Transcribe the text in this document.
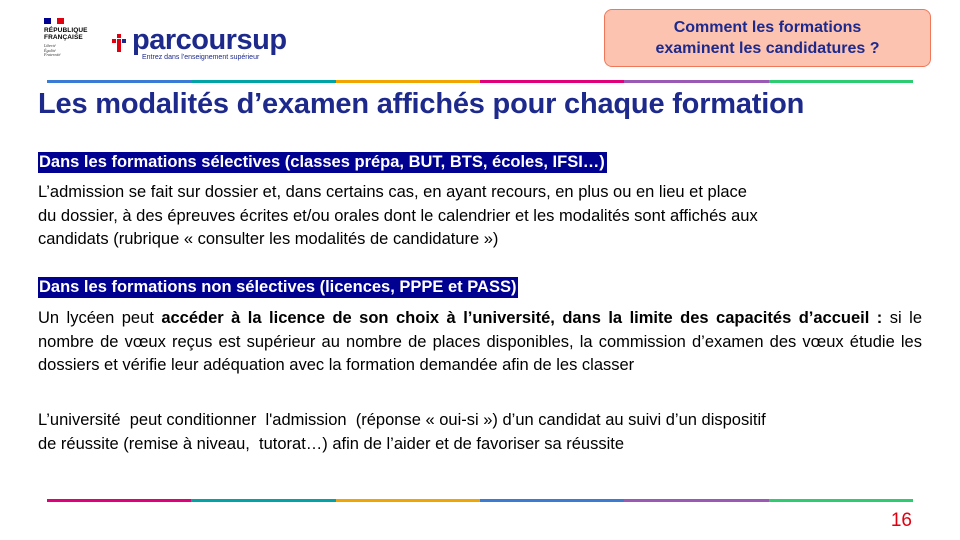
RÉPUBLIQUE
FRANÇAISE
Liberté
Égalité
Fraternité	parcoursup
Entrez dans l'enseignement supérieur
Comment les formations
examinent les candidatures ?
Les modalités d’examen affichés pour chaque formation
Dans les formations sélectives (classes prépa, BUT, BTS, écoles, IFSI…)
L’admission se fait sur dossier et, dans certains cas, en ayant recours, en plus ou en lieu et place
du dossier, à des épreuves écrites et/ou orales dont le calendrier et les modalités sont affichés aux
candidats (rubrique « consulter les modalités de candidature »)
Dans les formations non sélectives (licences, PPPE et PASS)
Un lycéen peut accéder à la licence de son choix à l’université, dans la limite des capacités d’accueil : si le nombre de vœux reçus est supérieur au nombre de places disponibles, la commission d’examen des vœux étudie les dossiers et vérifie leur adéquation avec la formation demandée afin de les classer
L’université  peut conditionner  l'admission  (réponse « oui-si ») d’un candidat au suivi d’un dispositif
de réussite (remise à niveau,  tutorat…) afin de l’aider et de favoriser sa réussite
16
